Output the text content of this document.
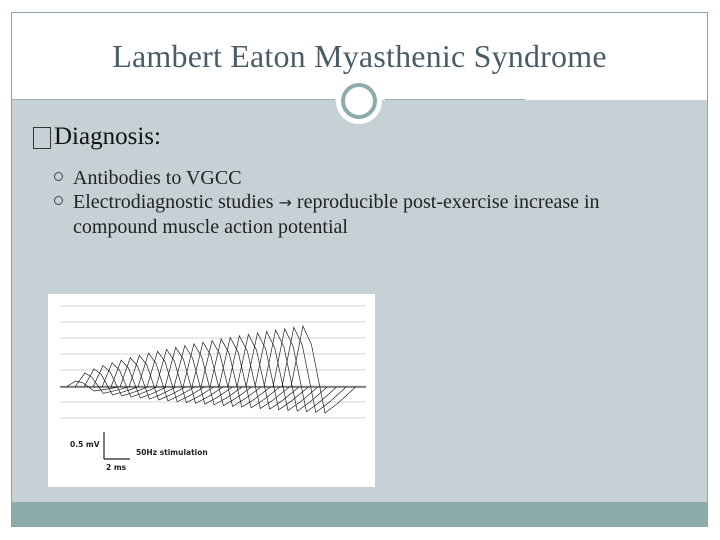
Lambert Eaton Myasthenic Syndrome
Diagnosis:
Antibodies to VGCC
Electrodiagnostic studies → reproducible post-exercise increase in compound muscle action potential
0.5 mV
2 ms
50Hz stimulation
